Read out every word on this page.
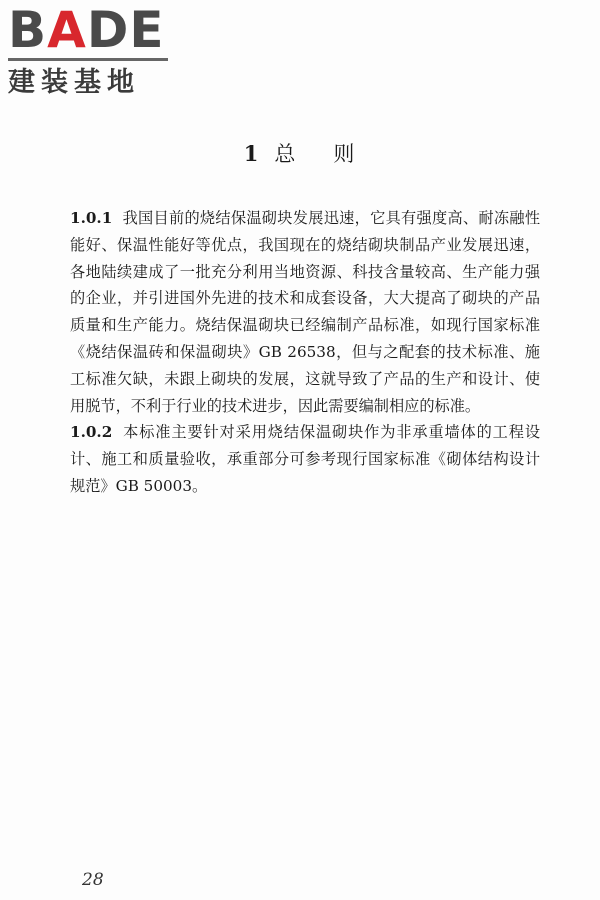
BADE
建装基地
1 总 则

1.0.1 我国目前的烧结保温砌块发展迅速，它具有强度高、耐冻融性能好、保温性能好等优点，我国现在的烧结砌块制品产业发展迅速，各地陆续建成了一批充分利用当地资源、科技含量较高、生产能力强的企业，并引进国外先进的技术和成套设备，大大提高了砌块的产品质量和生产能力。烧结保温砌块已经编制产品标准，如现行国家标准《烧结保温砖和保温砌块》GB 26538，但与之配套的技术标准、施工标准欠缺，未跟上砌块的发展，这就导致了产品的生产和设计、使用脱节，不利于行业的技术进步，因此需要编制相应的标准。

1.0.2 本标准主要针对采用烧结保温砌块作为非承重墙体的工程设计、施工和质量验收，承重部分可参考现行国家标准《砌体结构设计规范》GB 50003。

28
